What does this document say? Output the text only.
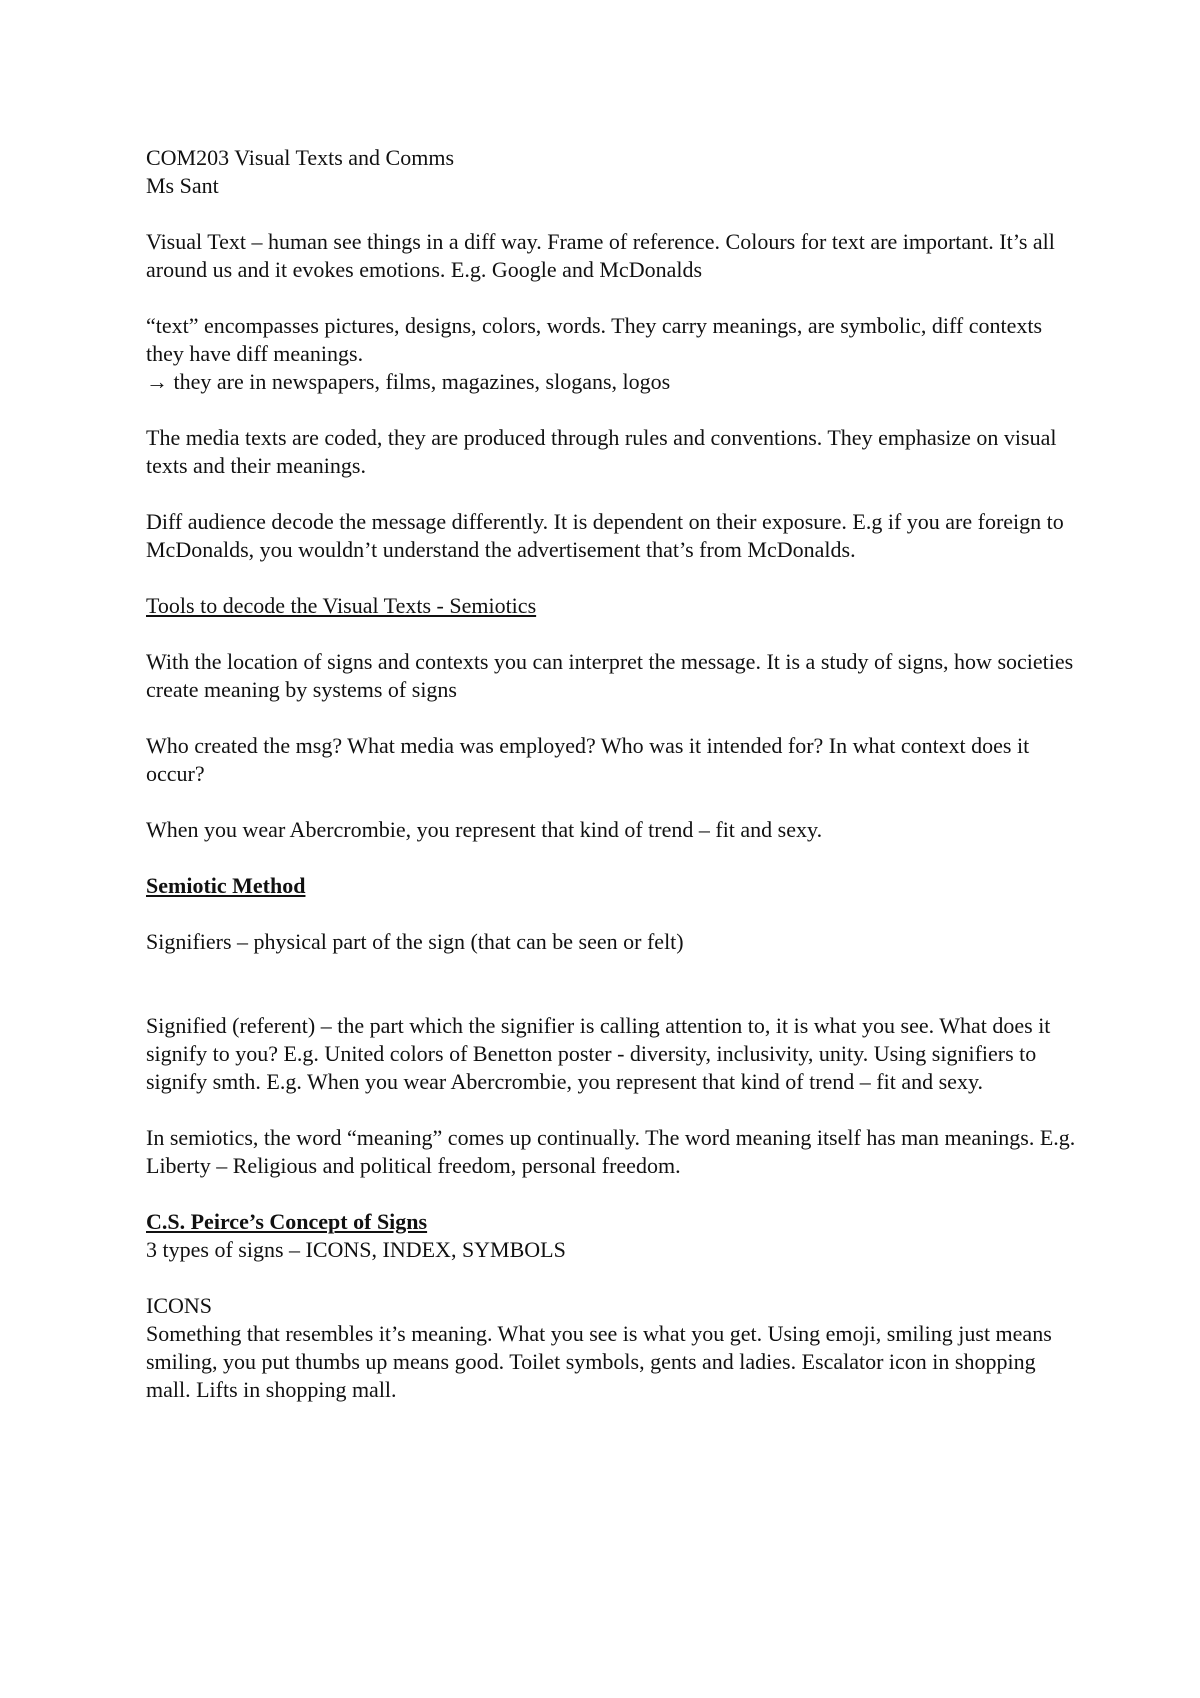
COM203 Visual Texts and Comms

Ms Sant

Visual Text – human see things in a diff way. Frame of reference. Colours for text are important. It’s all around us and it evokes emotions. E.g. Google and McDonalds

“text” encompasses pictures, designs, colors, words. They carry meanings, are symbolic, diff contexts they have diff meanings.

→ they are in newspapers, films, magazines, slogans, logos

The media texts are coded, they are produced through rules and conventions. They emphasize on visual texts and their meanings.

Diff audience decode the message differently. It is dependent on their exposure. E.g if you are foreign to McDonalds, you wouldn’t understand the advertisement that’s from McDonalds.

Tools to decode the Visual Texts - Semiotics

With the location of signs and contexts you can interpret the message. It is a study of signs, how societies create meaning by systems of signs

Who created the msg? What media was employed? Who was it intended for? In what context does it occur?

When you wear Abercrombie, you represent that kind of trend – fit and sexy.

Semiotic Method

Signifiers – physical part of the sign (that can be seen or felt)

Signified (referent) – the part which the signifier is calling attention to, it is what you see. What does it signify to you? E.g. United colors of Benetton poster - diversity, inclusivity, unity. Using signifiers to signify smth. E.g. When you wear Abercrombie, you represent that kind of trend – fit and sexy.

In semiotics, the word “meaning” comes up continually. The word meaning itself has man meanings. E.g. Liberty – Religious and political freedom, personal freedom.

C.S. Peirce’s Concept of Signs

3 types of signs – ICONS, INDEX, SYMBOLS

ICONS

Something that resembles it’s meaning. What you see is what you get. Using emoji, smiling just means smiling, you put thumbs up means good. Toilet symbols, gents and ladies. Escalator icon in shopping mall. Lifts in shopping mall.
